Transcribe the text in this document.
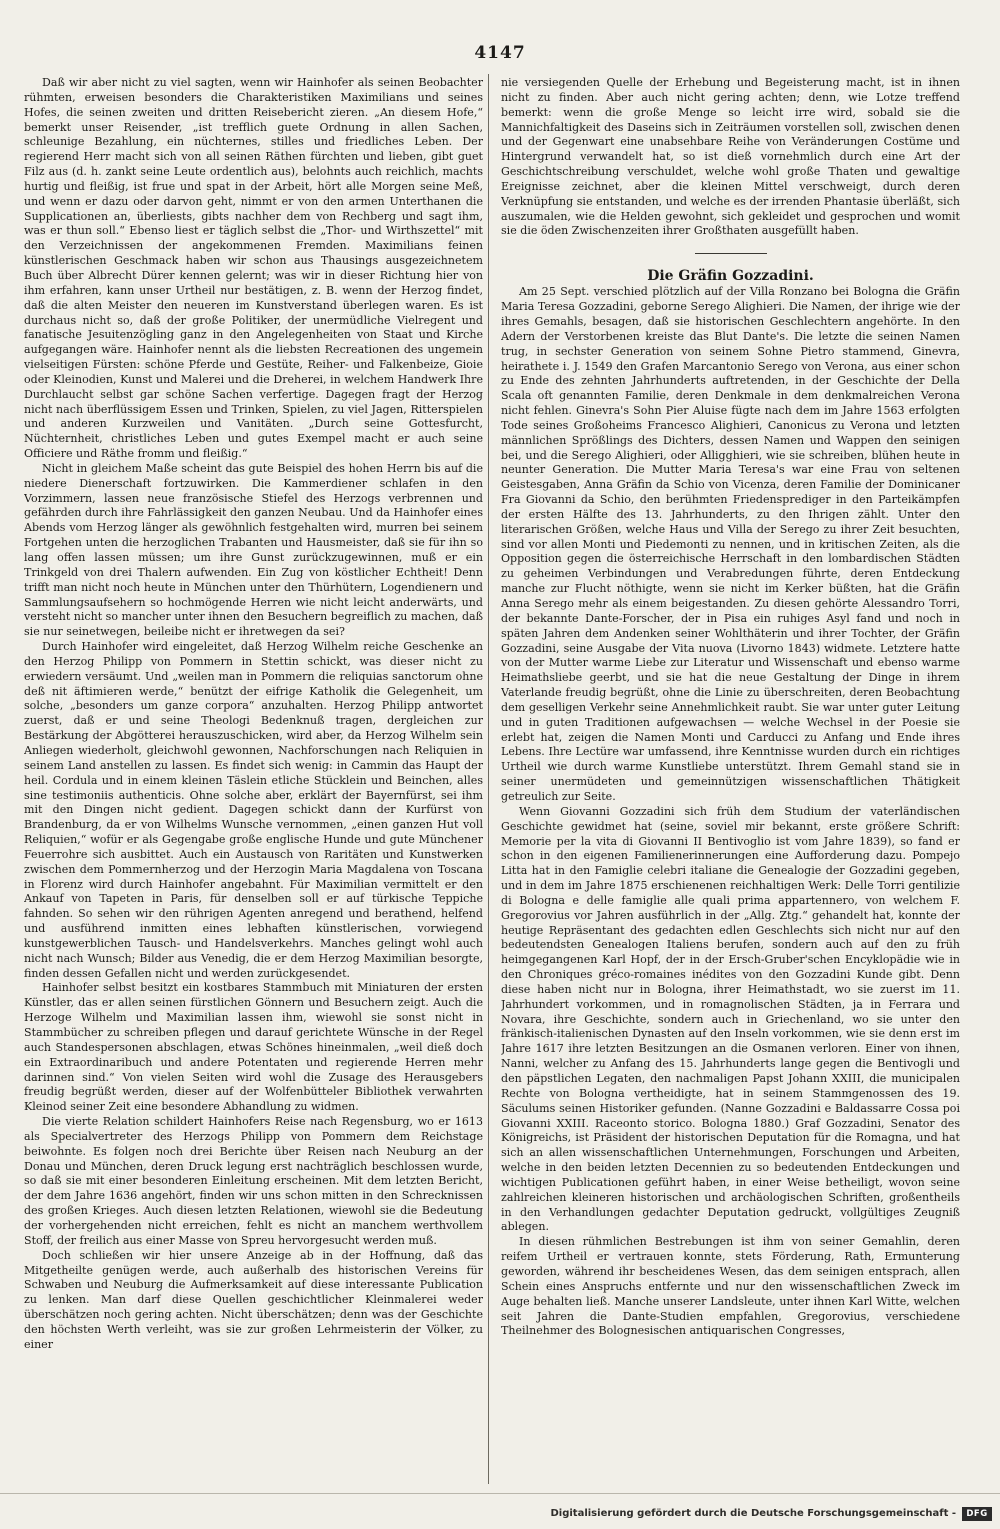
4147

Daß wir aber nicht zu viel sagten, wenn wir Hainhofer als seinen Beobachter rühmten, erweisen besonders die Charakteristiken Maximilians und seines Hofes, die seinen zweiten und dritten Reisebericht zieren. „An diesem Hofe,“ bemerkt unser Reisender, „ist trefflich guete Ordnung in allen Sachen, schleunige Bezahlung, ein nüchternes, stilles und friedliches Leben. Der regierend Herr macht sich von all seinen Räthen fürchten und lieben, gibt guet Filz aus (d. h. zankt seine Leute ordentlich aus), belohnts auch reichlich, machts hurtig und fleißig, ist frue und spat in der Arbeit, hört alle Morgen seine Meß, und wenn er dazu oder darvon geht, nimmt er von den armen Unterthanen die Supplicationen an, überliests, gibts nachher dem von Rechberg und sagt ihm, was er thun soll.“ Ebenso liest er täglich selbst die „Thor- und Wirthszettel“ mit den Verzeichnissen der angekommenen Fremden. Maximilians feinen künstlerischen Geschmack haben wir schon aus Thausings ausgezeichnetem Buch über Albrecht Dürer kennen gelernt; was wir in dieser Richtung hier von ihm erfahren, kann unser Urtheil nur bestätigen, z. B. wenn der Herzog findet, daß die alten Meister den neueren im Kunstverstand überlegen waren. Es ist durchaus nicht so, daß der große Politiker, der unermüdliche Vielregent und fanatische Jesuitenzögling ganz in den Angelegenheiten von Staat und Kirche aufgegangen wäre. Hainhofer nennt als die liebsten Recreationen des ungemein vielseitigen Fürsten: schöne Pferde und Gestüte, Reiher- und Falkenbeize, Gioie oder Kleinodien, Kunst und Malerei und die Dreherei, in welchem Handwerk Ihre Durchlaucht selbst gar schöne Sachen verfertige. Dagegen fragt der Herzog nicht nach überflüssigem Essen und Trinken, Spielen, zu viel Jagen, Ritterspielen und anderen Kurzweilen und Vanitäten. „Durch seine Gottesfurcht, Nüchternheit, christliches Leben und gutes Exempel macht er auch seine Officiere und Räthe fromm und fleißig.“

Nicht in gleichem Maße scheint das gute Beispiel des hohen Herrn bis auf die niedere Dienerschaft fortzuwirken. Die Kammerdiener schlafen in den Vorzimmern, lassen neue französische Stiefel des Herzogs verbrennen und gefährden durch ihre Fahrlässigkeit den ganzen Neubau. Und da Hainhofer eines Abends vom Herzog länger als gewöhnlich festgehalten wird, murren bei seinem Fortgehen unten die herzoglichen Trabanten und Hausmeister, daß sie für ihn so lang offen lassen müssen; um ihre Gunst zurückzugewinnen, muß er ein Trinkgeld von drei Thalern aufwenden. Ein Zug von köstlicher Echtheit! Denn trifft man nicht noch heute in München unter den Thürhütern, Logendienern und Sammlungsaufsehern so hochmögende Herren wie nicht leicht anderwärts, und versteht nicht so mancher unter ihnen den Besuchern begreiflich zu machen, daß sie nur seinetwegen, beileibe nicht er ihretwegen da sei?

Durch Hainhofer wird eingeleitet, daß Herzog Wilhelm reiche Geschenke an den Herzog Philipp von Pommern in Stettin schickt, was dieser nicht zu erwiedern versäumt. Und „weilen man in Pommern die reliquias sanctorum ohne deß nit äftimieren werde,“ benützt der eifrige Katholik die Gelegenheit, um solche, „besonders um ganze corpora“ anzuhalten. Herzog Philipp antwortet zuerst, daß er und seine Theologi Bedenknuß tragen, dergleichen zur Bestärkung der Abgötterei herauszuschicken, wird aber, da Herzog Wilhelm sein Anliegen wiederholt, gleichwohl gewonnen, Nachforschungen nach Reliquien in seinem Land anstellen zu lassen. Es findet sich wenig: in Cammin das Haupt der heil. Cordula und in einem kleinen Täslein etliche Stücklein und Beinchen, alles sine testimoniis authenticis. Ohne solche aber, erklärt der Bayernfürst, sei ihm mit den Dingen nicht gedient. Dagegen schickt dann der Kurfürst von Brandenburg, da er von Wilhelms Wunsche vernommen, „einen ganzen Hut voll Reliquien,“ wofür er als Gegengabe große englische Hunde und gute Münchener Feuerrohre sich ausbittet. Auch ein Austausch von Raritäten und Kunstwerken zwischen dem Pommernherzog und der Herzogin Maria Magdalena von Toscana in Florenz wird durch Hainhofer angebahnt. Für Maximilian vermittelt er den Ankauf von Tapeten in Paris, für denselben soll er auf türkische Teppiche fahnden. So sehen wir den rührigen Agenten anregend und berathend, helfend und ausführend inmitten eines lebhaften künstlerischen, vorwiegend kunstgewerblichen Tausch- und Handelsverkehrs. Manches gelingt wohl auch nicht nach Wunsch; Bilder aus Venedig, die er dem Herzog Maximilian besorgte, finden dessen Gefallen nicht und werden zurückgesendet.

Hainhofer selbst besitzt ein kostbares Stammbuch mit Miniaturen der ersten Künstler, das er allen seinen fürstlichen Gönnern und Besuchern zeigt. Auch die Herzoge Wilhelm und Maximilian lassen ihm, wiewohl sie sonst nicht in Stammbücher zu schreiben pflegen und darauf gerichtete Wünsche in der Regel auch Standespersonen abschlagen, etwas Schönes hineinmalen, „weil dieß doch ein Extraordinaribuch und andere Potentaten und regierende Herren mehr darinnen sind.“ Von vielen Seiten wird wohl die Zusage des Herausgebers freudig begrüßt werden, dieser auf der Wolfenbütteler Bibliothek verwahrten Kleinod seiner Zeit eine besondere Abhandlung zu widmen.

Die vierte Relation schildert Hainhofers Reise nach Regensburg, wo er 1613 als Specialvertreter des Herzogs Philipp von Pommern dem Reichstage beiwohnte. Es folgen noch drei Berichte über Reisen nach Neuburg an der Donau und München, deren Druck legung erst nachträglich beschlossen wurde, so daß sie mit einer besonderen Einleitung erscheinen. Mit dem letzten Bericht, der dem Jahre 1636 angehört, finden wir uns schon mitten in den Schrecknissen des großen Krieges. Auch diesen letzten Relationen, wiewohl sie die Bedeutung der vorhergehenden nicht erreichen, fehlt es nicht an manchem werthvollem Stoff, der freilich aus einer Masse von Spreu hervorgesucht werden muß.

Doch schließen wir hier unsere Anzeige ab in der Hoffnung, daß das Mitgetheilte genügen werde, auch außerhalb des historischen Vereins für Schwaben und Neuburg die Aufmerksamkeit auf diese interessante Publication zu lenken. Man darf diese Quellen geschichtlicher Kleinmalerei weder überschätzen noch gering achten. Nicht überschätzen; denn was der Geschichte den höchsten Werth verleiht, was sie zur großen Lehrmeisterin der Völker, zu einer

nie versiegenden Quelle der Erhebung und Begeisterung macht, ist in ihnen nicht zu finden. Aber auch nicht gering achten; denn, wie Lotze treffend bemerkt: wenn die große Menge so leicht irre wird, sobald sie die Mannichfaltigkeit des Daseins sich in Zeiträumen vorstellen soll, zwischen denen und der Gegenwart eine unabsehbare Reihe von Veränderungen Costüme und Hintergrund verwandelt hat, so ist dieß vornehmlich durch eine Art der Geschichtschreibung verschuldet, welche wohl große Thaten und gewaltige Ereignisse zeichnet, aber die kleinen Mittel verschweigt, durch deren Verknüpfung sie entstanden, und welche es der irrenden Phantasie überläßt, sich auszumalen, wie die Helden gewohnt, sich gekleidet und gesprochen und womit sie die öden Zwischenzeiten ihrer Großthaten ausgefüllt haben.

Die Gräfin Gozzadini.

Am 25 Sept. verschied plötzlich auf der Villa Ronzano bei Bologna die Gräfin Maria Teresa Gozzadini, geborne Serego Alighieri. Die Namen, der ihrige wie der ihres Gemahls, besagen, daß sie historischen Geschlechtern angehörte. In den Adern der Verstorbenen kreiste das Blut Dante's. Die letzte die seinen Namen trug, in sechster Generation von seinem Sohne Pietro stammend, Ginevra, heirathete i. J. 1549 den Grafen Marcantonio Serego von Verona, aus einer schon zu Ende des zehnten Jahrhunderts auftretenden, in der Geschichte der Della Scala oft genannten Familie, deren Denkmale in dem denkmalreichen Verona nicht fehlen. Ginevra's Sohn Pier Aluise fügte nach dem im Jahre 1563 erfolgten Tode seines Großoheims Francesco Alighieri, Canonicus zu Verona und letzten männlichen Sprößlings des Dichters, dessen Namen und Wappen den seinigen bei, und die Serego Alighieri, oder Alligghieri, wie sie schreiben, blühen heute in neunter Generation. Die Mutter Maria Teresa's war eine Frau von seltenen Geistesgaben, Anna Gräfin da Schio von Vicenza, deren Familie der Dominicaner Fra Giovanni da Schio, den berühmten Friedensprediger in den Parteikämpfen der ersten Hälfte des 13. Jahrhunderts, zu den Ihrigen zählt. Unter den literarischen Größen, welche Haus und Villa der Serego zu ihrer Zeit besuchten, sind vor allen Monti und Piedemonti zu nennen, und in kritischen Zeiten, als die Opposition gegen die österreichische Herrschaft in den lombardischen Städten zu geheimen Verbindungen und Verabredungen führte, deren Entdeckung manche zur Flucht nöthigte, wenn sie nicht im Kerker büßten, hat die Gräfin Anna Serego mehr als einem beigestanden. Zu diesen gehörte Alessandro Torri, der bekannte Dante-Forscher, der in Pisa ein ruhiges Asyl fand und noch in späten Jahren dem Andenken seiner Wohlthäterin und ihrer Tochter, der Gräfin Gozzadini, seine Ausgabe der Vita nuova (Livorno 1843) widmete. Letztere hatte von der Mutter warme Liebe zur Literatur und Wissenschaft und ebenso warme Heimathsliebe geerbt, und sie hat die neue Gestaltung der Dinge in ihrem Vaterlande freudig begrüßt, ohne die Linie zu überschreiten, deren Beobachtung dem geselligen Verkehr seine Annehmlichkeit raubt. Sie war unter guter Leitung und in guten Traditionen aufgewachsen — welche Wechsel in der Poesie sie erlebt hat, zeigen die Namen Monti und Carducci zu Anfang und Ende ihres Lebens. Ihre Lectüre war umfassend, ihre Kenntnisse wurden durch ein richtiges Urtheil wie durch warme Kunstliebe unterstützt. Ihrem Gemahl stand sie in seiner unermüdeten und gemeinnützigen wissenschaftlichen Thätigkeit getreulich zur Seite.

Wenn Giovanni Gozzadini sich früh dem Studium der vaterländischen Geschichte gewidmet hat (seine, soviel mir bekannt, erste größere Schrift: Memorie per la vita di Giovanni II Bentivoglio ist vom Jahre 1839), so fand er schon in den eigenen Familienerinnerungen eine Aufforderung dazu. Pompejo Litta hat in den Famiglie celebri italiane die Genealogie der Gozzadini gegeben, und in dem im Jahre 1875 erschienenen reichhaltigen Werk: Delle Torri gentilizie di Bologna e delle famiglie alle quali prima appartennero, von welchem F. Gregorovius vor Jahren ausführlich in der „Allg. Ztg.“ gehandelt hat, konnte der heutige Repräsentant des gedachten edlen Geschlechts sich nicht nur auf den bedeutendsten Genealogen Italiens berufen, sondern auch auf den zu früh heimgegangenen Karl Hopf, der in der Ersch-Gruber'schen Encyklopädie wie in den Chroniques gréco-romaines inédites von den Gozzadini Kunde gibt. Denn diese haben nicht nur in Bologna, ihrer Heimathstadt, wo sie zuerst im 11. Jahrhundert vorkommen, und in romagnolischen Städten, ja in Ferrara und Novara, ihre Geschichte, sondern auch in Griechenland, wo sie unter den fränkisch-italienischen Dynasten auf den Inseln vorkommen, wie sie denn erst im Jahre 1617 ihre letzten Besitzungen an die Osmanen verloren. Einer von ihnen, Nanni, welcher zu Anfang des 15. Jahrhunderts lange gegen die Bentivogli und den päpstlichen Legaten, den nachmaligen Papst Johann XXIII, die municipalen Rechte von Bologna vertheidigte, hat in seinem Stammgenossen des 19. Säculums seinen Historiker gefunden. (Nanne Gozzadini e Baldassarre Cossa poi Giovanni XXIII. Raceonto storico. Bologna 1880.) Graf Gozzadini, Senator des Königreichs, ist Präsident der historischen Deputation für die Romagna, und hat sich an allen wissenschaftlichen Unternehmungen, Forschungen und Arbeiten, welche in den beiden letzten Decennien zu so bedeutenden Entdeckungen und wichtigen Publicationen geführt haben, in einer Weise betheiligt, wovon seine zahlreichen kleineren historischen und archäologischen Schriften, großentheils in den Verhandlungen gedachter Deputation gedruckt, vollgültiges Zeugniß ablegen.

In diesen rühmlichen Bestrebungen ist ihm von seiner Gemahlin, deren reifem Urtheil er vertrauen konnte, stets Förderung, Rath, Ermunterung geworden, während ihr bescheidenes Wesen, das dem seinigen entsprach, allen Schein eines Anspruchs entfernte und nur den wissenschaftlichen Zweck im Auge behalten ließ. Manche unserer Landsleute, unter ihnen Karl Witte, welchen seit Jahren die Dante-Studien empfahlen, Gregorovius, verschiedene Theilnehmer des Bolognesischen antiquarischen Congresses,

Digitalisierung gefördert durch die Deutsche Forschungsgemeinschaft -	DFG
